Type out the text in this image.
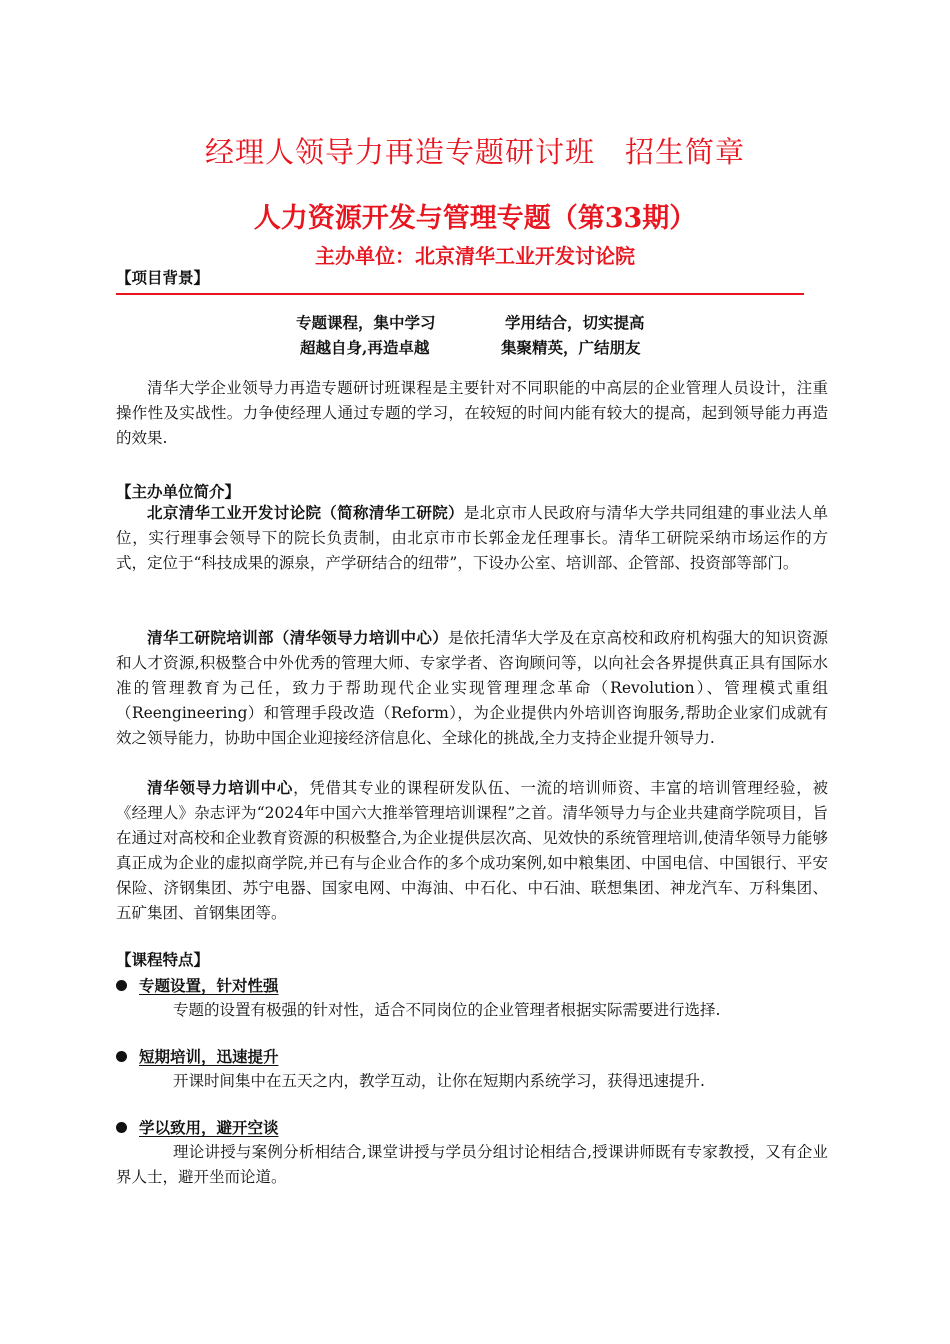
经理人领导力再造专题研讨班　招生简章
人力资源开发与管理专题（第33期）
主办单位：北京清华工业开发讨论院
【项目背景】
专题课程，集中学习	学用结合，切实提高
超越自身,再造卓越	集聚精英，广结朋友
清华大学企业领导力再造专题研讨班课程是主要针对不同职能的中高层的企业管理人员设计，注重操作性及实战性。力争使经理人通过专题的学习，在较短的时间内能有较大的提高，起到领导能力再造的效果.
【主办单位简介】
北京清华工业开发讨论院（简称清华工研院）是北京市人民政府与清华大学共同组建的事业法人单位，实行理事会领导下的院长负责制，由北京市市长郭金龙任理事长。清华工研院采纳市场运作的方式，定位于“科技成果的源泉，产学研结合的纽带”，下设办公室、培训部、企管部、投资部等部门。
清华工研院培训部（清华领导力培训中心）是依托清华大学及在京高校和政府机构强大的知识资源和人才资源,积极整合中外优秀的管理大师、专家学者、咨询顾问等，以向社会各界提供真正具有国际水准的管理教育为己任，致力于帮助现代企业实现管理理念革命（Revolution）、管理模式重组（Reengineering）和管理手段改造（Reform），为企业提供内外培训咨询服务,帮助企业家们成就有效之领导能力，协助中国企业迎接经济信息化、全球化的挑战,全力支持企业提升领导力.
清华领导力培训中心，凭借其专业的课程研发队伍、一流的培训师资、丰富的培训管理经验，被《经理人》杂志评为“2024年中国六大推举管理培训课程”之首。清华领导力与企业共建商学院项目，旨在通过对高校和企业教育资源的积极整合,为企业提供层次高、见效快的系统管理培训,使清华领导力能够真正成为企业的虚拟商学院,并已有与企业合作的多个成功案例,如中粮集团、中国电信、中国银行、平安保险、济钢集团、苏宁电器、国家电网、中海油、中石化、中石油、联想集团、神龙汽车、万科集团、五矿集团、首钢集团等。
【课程特点】
专题设置，针对性强
专题的设置有极强的针对性，适合不同岗位的企业管理者根据实际需要进行选择.
短期培训，迅速提升
开课时间集中在五天之内，教学互动，让你在短期内系统学习，获得迅速提升.
学以致用，避开空谈
理论讲授与案例分析相结合,课堂讲授与学员分组讨论相结合,授课讲师既有专家教授，又有企业界人士，避开坐而论道。
